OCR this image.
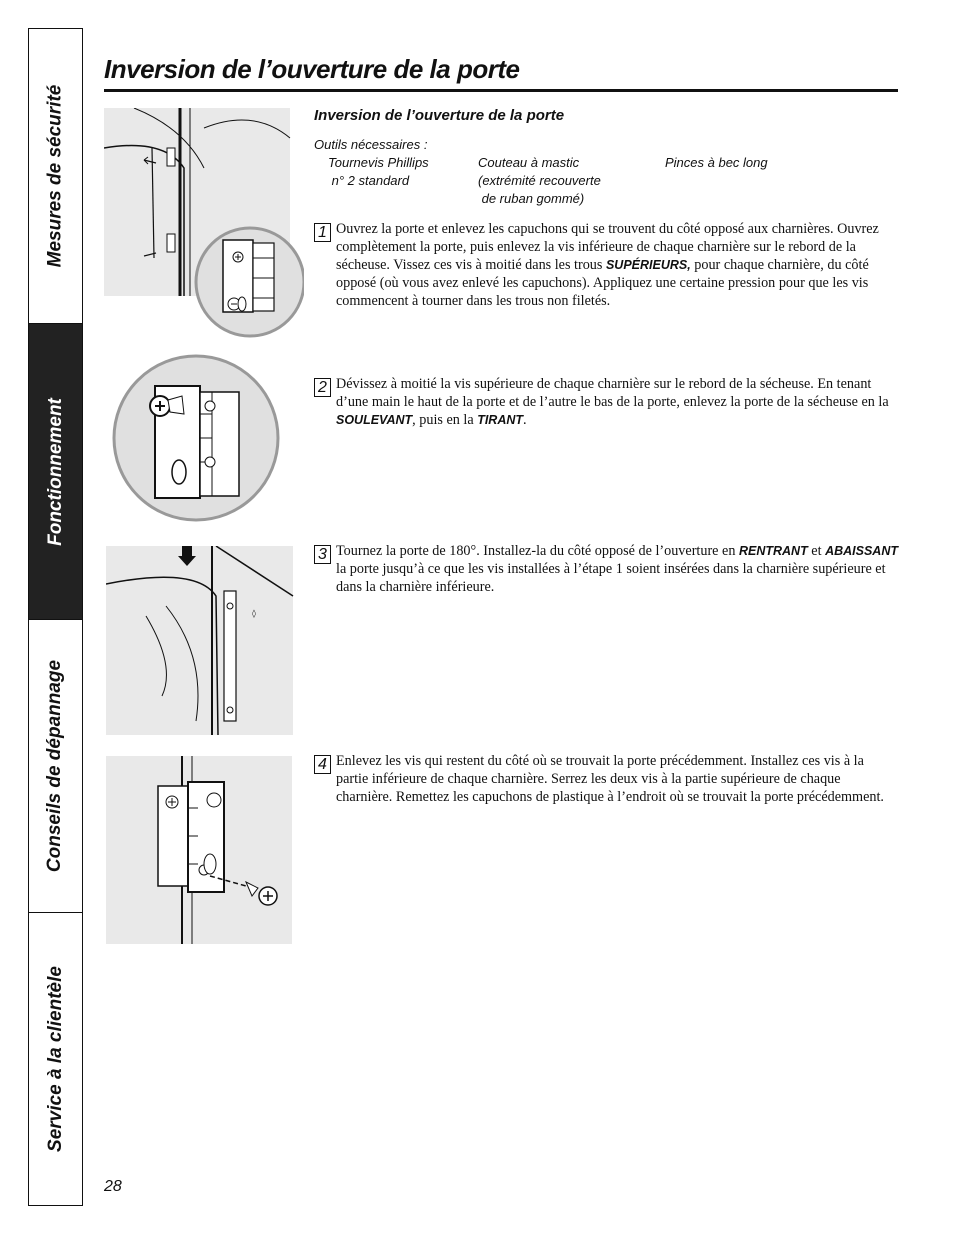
Mesures de sécurité
Fonctionnement
Conseils de dépannage
Service à la clientèle
Inversion de l’ouverture de la porte
Inversion de l’ouverture de la porte
Outils nécessaires :
Tournevis Phillips
n° 2 standard
Couteau à mastic
(extrémité recouverte
de ruban gommé)
Pinces à bec long
◊
1 Ouvrez la porte et enlevez les capuchons qui se trouvent du côté opposé aux charnières. Ouvrez complètement la porte, puis enlevez la vis inférieure de chaque charnière sur le rebord de la sécheuse. Vissez ces vis à moitié dans les trous SUPÉRIEURS, pour chaque charnière, du côté opposé (où vous avez enlevé les capuchons). Appliquez une certaine pression pour que les vis commencent à tourner dans les trous non filetés.

2 Dévissez à moitié la vis supérieure de chaque charnière sur le rebord de la sécheuse. En tenant d’une main le haut de la porte et de l’autre le bas de la porte, enlevez la porte de la sécheuse en la SOULEVANT, puis en la TIRANT.

3 Tournez la porte de 180°. Installez-la du côté opposé de l’ouverture en RENTRANT et ABAISSANT la porte jusqu’à ce que les vis installées à l’étape 1 soient insérées dans la charnière supérieure et dans la charnière inférieure.

4 Enlevez les vis qui restent du côté où se trouvait la porte précédemment. Installez ces vis à la partie inférieure de chaque charnière. Serrez les deux vis à la partie supérieure de chaque charnière. Remettez les capuchons de plastique à l’endroit où se trouvait la porte précédemment.

28
